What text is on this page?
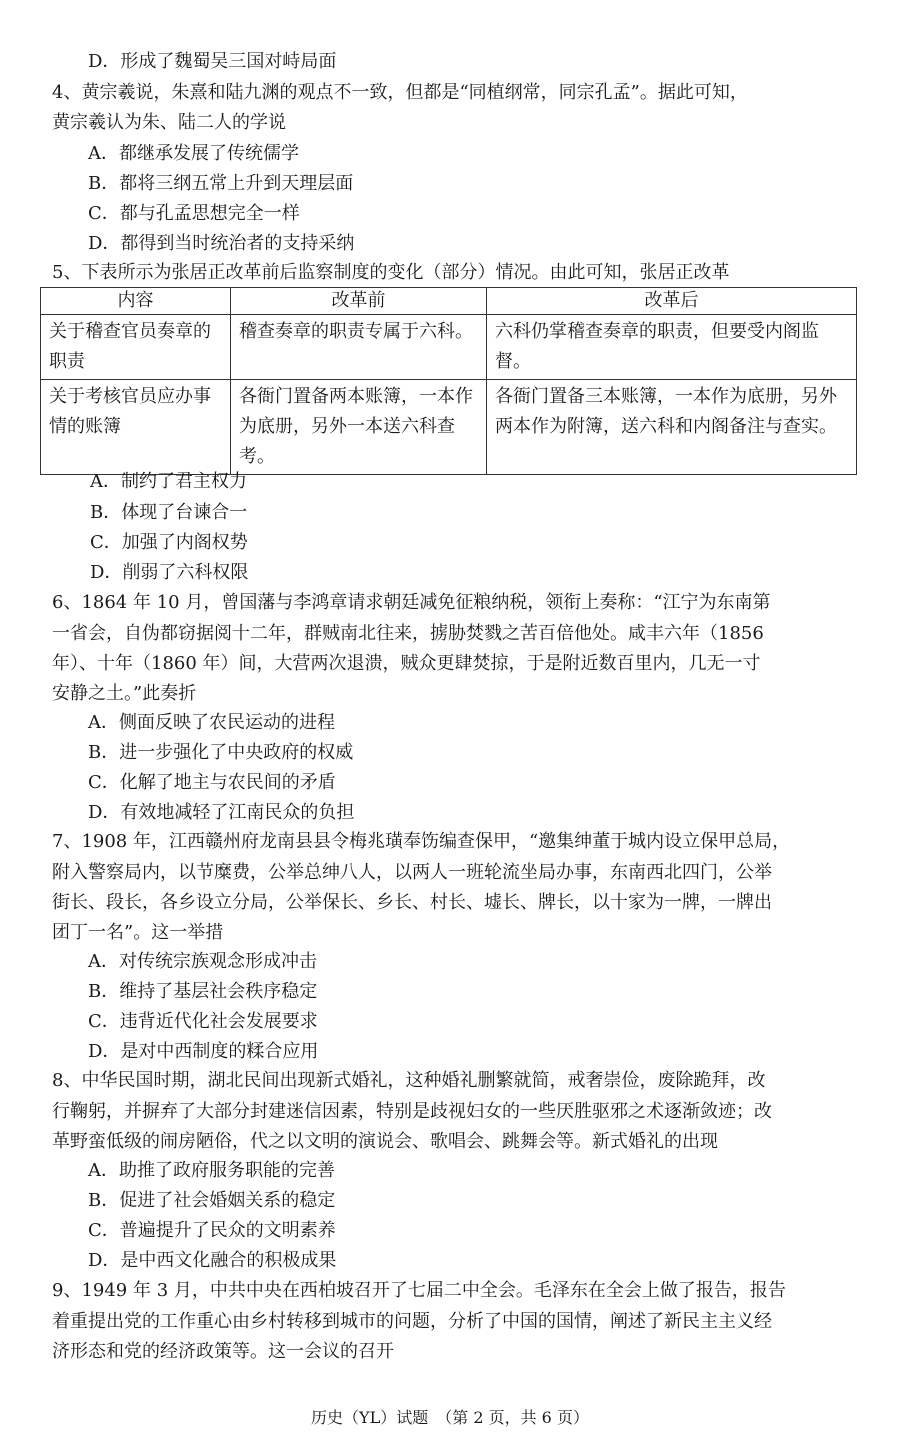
D．形成了魏蜀吴三国对峙局面
4、黄宗羲说，朱熹和陆九渊的观点不一致，但都是“同植纲常，同宗孔孟”。据此可知，
黄宗羲认为朱、陆二人的学说
A．都继承发展了传统儒学
B．都将三纲五常上升到天理层面
C．都与孔孟思想完全一样
D．都得到当时统治者的支持采纳
5、下表所示为张居正改革前后监察制度的变化（部分）情况。由此可知，张居正改革
内容	改革前	改革后
关于稽查官员奏章的职责	稽查奏章的职责专属于六科。	六科仍掌稽查奏章的职责，但要受内阁监督。
关于考核官员应办事情的账簿	各衙门置备两本账簿，一本作为底册，另外一本送六科查考。	各衙门置备三本账簿，一本作为底册，另外两本作为附簿，送六科和内阁备注与查实。
A．制约了君主权力
B．体现了台谏合一
C．加强了内阁权势
D．削弱了六科权限
6、1864 年 10 月，曾国藩与李鸿章请求朝廷减免征粮纳税，领衔上奏称：“江宁为东南第
一省会，自伪都窃据阅十二年，群贼南北往来，掳胁焚戮之苦百倍他处。咸丰六年（1856
年）、十年（1860 年）间，大营两次退溃，贼众更肆焚掠，于是附近数百里内，几无一寸
安静之土。”此奏折
A．侧面反映了农民运动的进程
B．进一步强化了中央政府的权威
C．化解了地主与农民间的矛盾
D．有效地减轻了江南民众的负担
7、1908 年，江西赣州府龙南县县令梅兆璜奉饬编查保甲，“邀集绅董于城内设立保甲总局，
附入警察局内，以节糜费，公举总绅八人，以两人一班轮流坐局办事，东南西北四门，公举
街长、段长，各乡设立分局，公举保长、乡长、村长、墟长、牌长，以十家为一牌，一牌出
团丁一名”。这一举措
A．对传统宗族观念形成冲击
B．维持了基层社会秩序稳定
C．违背近代化社会发展要求
D．是对中西制度的糅合应用
8、中华民国时期，湖北民间出现新式婚礼，这种婚礼删繁就简，戒奢崇俭，废除跪拜，改
行鞠躬，并摒弃了大部分封建迷信因素，特别是歧视妇女的一些厌胜驱邪之术逐渐敛迹；改
革野蛮低级的闹房陋俗，代之以文明的演说会、歌唱会、跳舞会等。新式婚礼的出现
A．助推了政府服务职能的完善
B．促进了社会婚姻关系的稳定
C．普遍提升了民众的文明素养
D．是中西文化融合的积极成果
9、1949 年 3 月，中共中央在西柏坡召开了七届二中全会。毛泽东在全会上做了报告，报告
着重提出党的工作重心由乡村转移到城市的问题，分析了中国的国情，阐述了新民主主义经
济形态和党的经济政策等。这一会议的召开
历史（YL）试题　（第 2 页，共 6 页）
